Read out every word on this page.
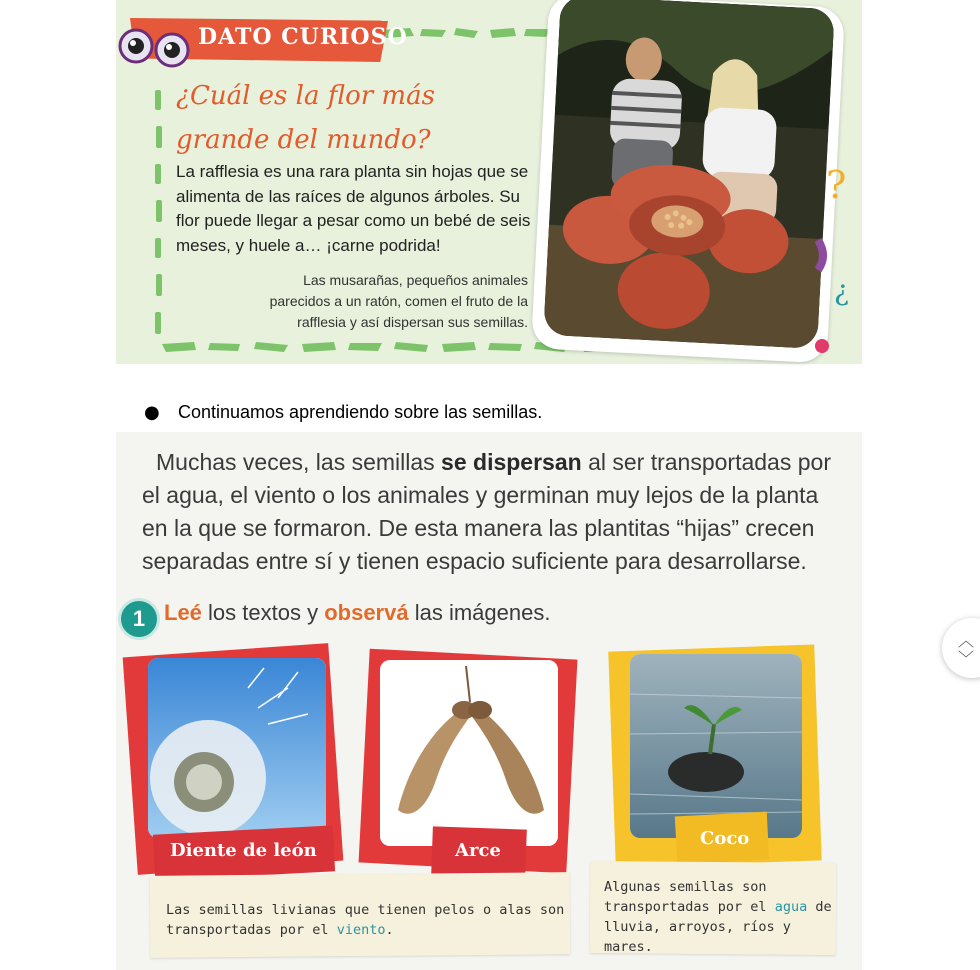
DATO CURIOSO
¿Cuál es la flor más grande del mundo?
La rafflesia es una rara planta sin hojas que se alimenta de las raíces de algunos árboles. Su flor puede llegar a pesar como un bebé de seis meses, y huele a… ¡carne podrida!
Las musarañas, pequeños animales parecidos a un ratón, comen el fruto de la rafflesia y así dispersan sus semillas.
?
¿
● Continuamos aprendiendo sobre las semillas.
Muchas veces, las semillas se dispersan al ser transportadas por el agua, el viento o los animales y germinan muy lejos de la planta en la que se formaron. De esta manera las plantitas “hijas” crecen separadas entre sí y tienen espacio suficiente para desarrollarse.
1 Leé los textos y observá las imágenes.
︿
﹀
Diente de león	Arce
Coco
Las semillas livianas que tienen pelos o alas son transportadas por el viento.
Algunas semillas son transportadas por el agua de lluvia, arroyos, ríos y mares.
